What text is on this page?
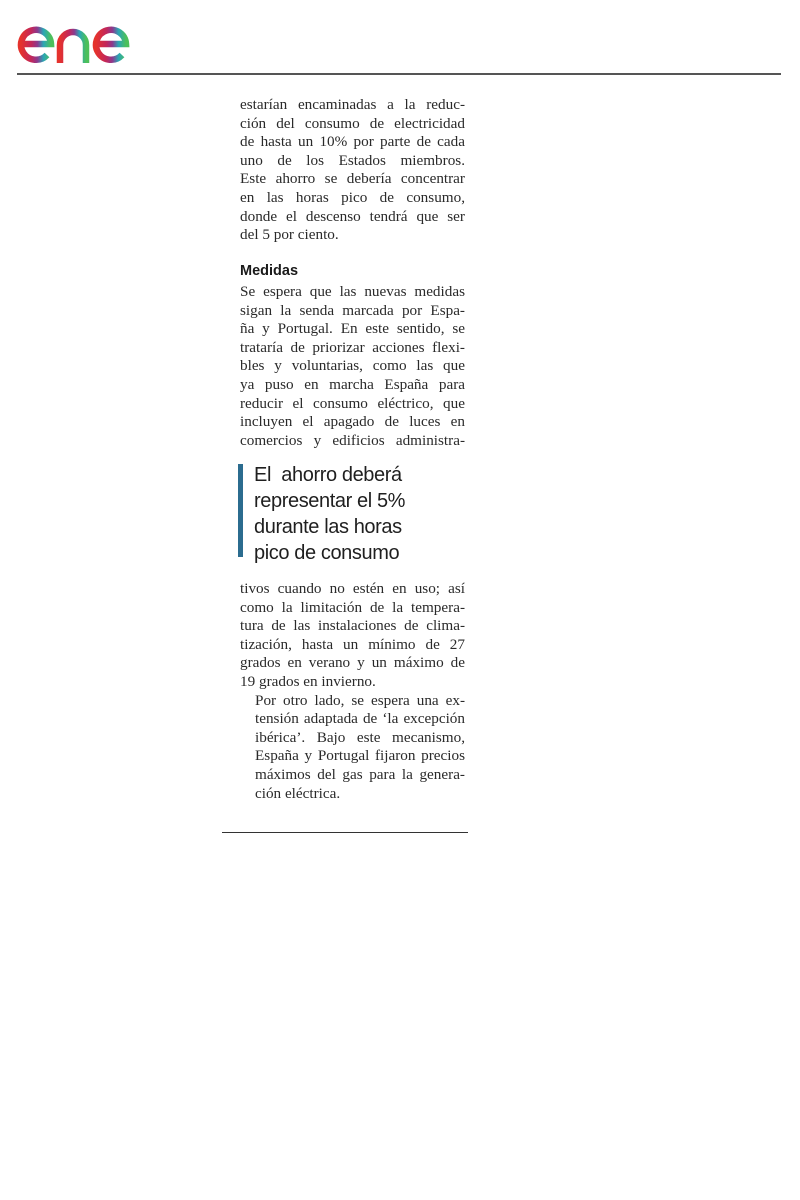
estarían encaminadas a la reduc-
ción del consumo de electricidad
de hasta un 10% por parte de cada
uno de los Estados miembros.
Este ahorro se debería concentrar
en las horas pico de consumo,
donde el descenso tendrá que ser
del 5 por ciento.

Medidas

Se espera que las nuevas medidas
sigan la senda marcada por Espa-
ña y Portugal. En este sentido, se
trataría de priorizar acciones flexi-
bles y voluntarias, como las que
ya puso en marcha España para
reducir el consumo eléctrico, que
incluyen el apagado de luces en
comercios y edificios administra-

El  ahorro deberá
representar el 5%
durante las horas
pico de consumo

tivos cuando no estén en uso; así
como la limitación de la tempera-
tura de las instalaciones de clima-
tización, hasta un mínimo de 27
grados en verano y un máximo de
19 grados en invierno.

Por otro lado, se espera una ex-
tensión adaptada de ‘la excepción
ibérica’. Bajo este mecanismo,
España y Portugal fijaron precios
máximos del gas para la genera-
ción eléctrica.
